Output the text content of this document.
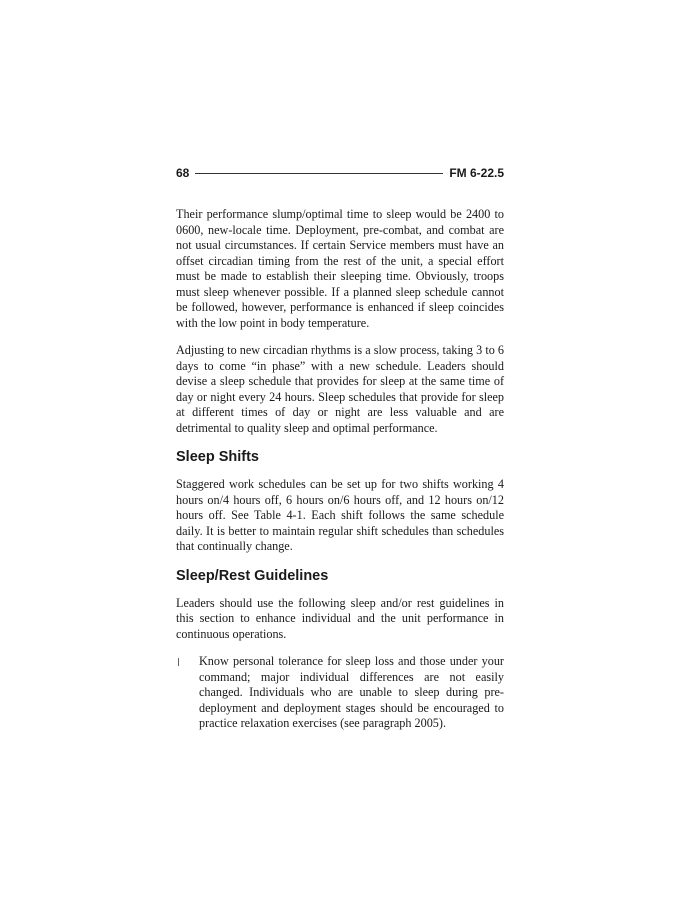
68	FM 6-22.5

Their performance slump/optimal time to sleep would be 2400 to 0600, new-locale time. Deployment, pre-combat, and combat are not usual circumstances. If certain Service members must have an offset circadian timing from the rest of the unit, a special effort must be made to establish their sleeping time. Obviously, troops must sleep whenever possible. If a planned sleep schedule cannot be followed, however, performance is enhanced if sleep coincides with the low point in body temperature.

Adjusting to new circadian rhythms is a slow process, taking 3 to 6 days to come “in phase” with a new schedule. Leaders should devise a sleep schedule that provides for sleep at the same time of day or night every 24 hours. Sleep schedules that provide for sleep at different times of day or night are less valuable and are detrimental to quality sleep and optimal performance.

Sleep Shifts

Staggered work schedules can be set up for two shifts working 4 hours on/4 hours off, 6 hours on/6 hours off, and 12 hours on/12 hours off. See Table 4-1. Each shift follows the same schedule daily. It is better to maintain regular shift schedules than schedules that continually change.

Sleep/Rest Guidelines

Leaders should use the following sleep and/or rest guidelines in this section to enhance individual and the unit performance in continuous operations.

Know personal tolerance for sleep loss and those under your command; major individual differences are not easily changed. Individuals who are unable to sleep during pre-deployment and deployment stages should be encouraged to practice relaxation exercises (see paragraph 2005).
